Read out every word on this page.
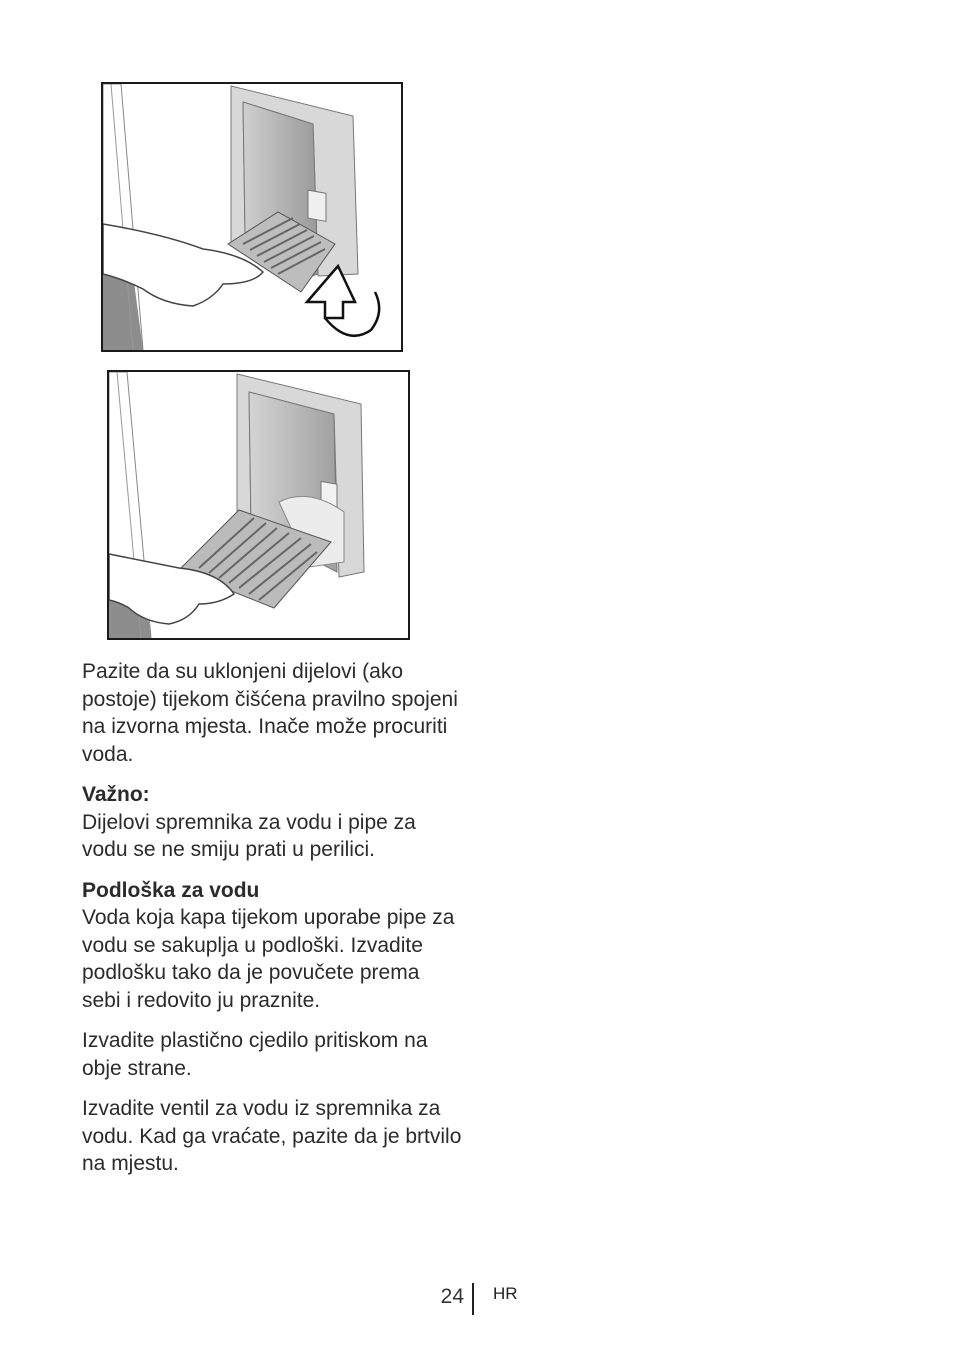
Pazite da su uklonjeni dijelovi (ako postoje) tijekom čišćena pravilno spojeni na izvorna mjesta. Inače može procuriti voda.

Važno:
Dijelovi spremnika za vodu i pipe za vodu se ne smiju prati u perilici.

Podloška za vodu
Voda koja kapa tijekom uporabe pipe za vodu se sakuplja u podloški. Izvadite podlošku tako da je povučete prema sebi i redovito ju praznite.

Izvadite plastično cjedilo pritiskom na obje strane.

Izvadite ventil za vodu iz spremnika za vodu. Kad ga vraćate, pazite da je brtvilo na mjestu.

24 HR
